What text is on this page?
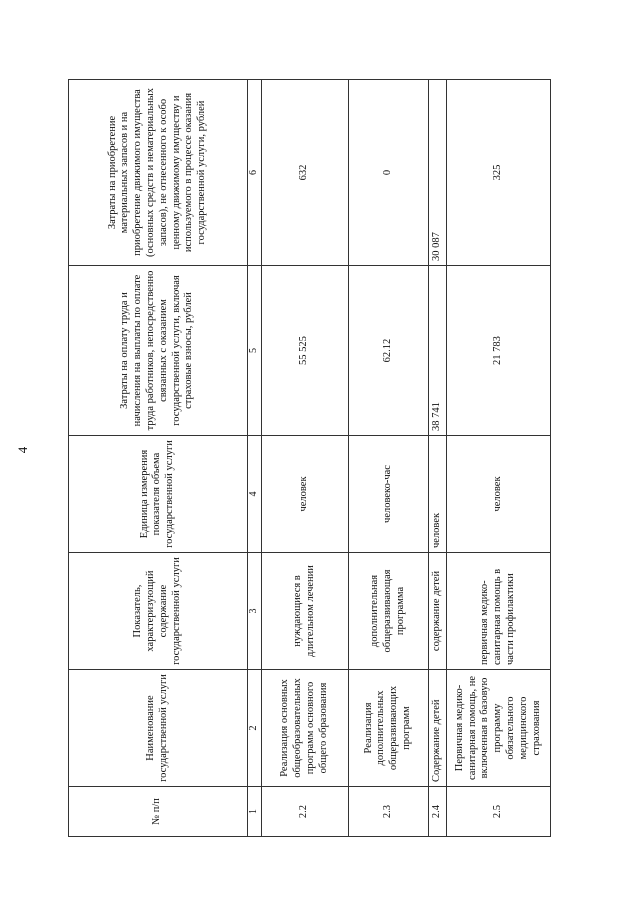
4
№ п/п	Наименование государственной услуги	Показатель, характеризующий содержание государственной услуги	Единица измерения показателя объема государственной услуги	Затраты на оплату труда и начисления на выплаты по оплате труда работников, непосредственно связанных с оказанием государственной услуги, включая страховые взносы, рублей	Затраты на приобретение материальных запасов и на приобретение движимого имущества (основных средств и нематериальных запасов), не отнесенного к особо ценному движимому имуществу и используемого в процессе оказания государственной услуги, рублей
1	2	3	4	5	6
2.2	Реализация основных общеобразовательных программ основного общего образования	нуждающиеся в длительном лечении	человек	55 525	632
2.3	Реализация дополнительных общеразвивающих программ	дополнительная общеразвивающая программа	человеко-час	62.12	0
2.4	Содержание детей	содержание детей	человек	38 741	30 087
2.5	Первичная медико-санитарная помощь, не включенная в базовую программу обязательного медицинского страхования	первичная медико-санитарная помощь в части профилактики	человек	21 783	325
